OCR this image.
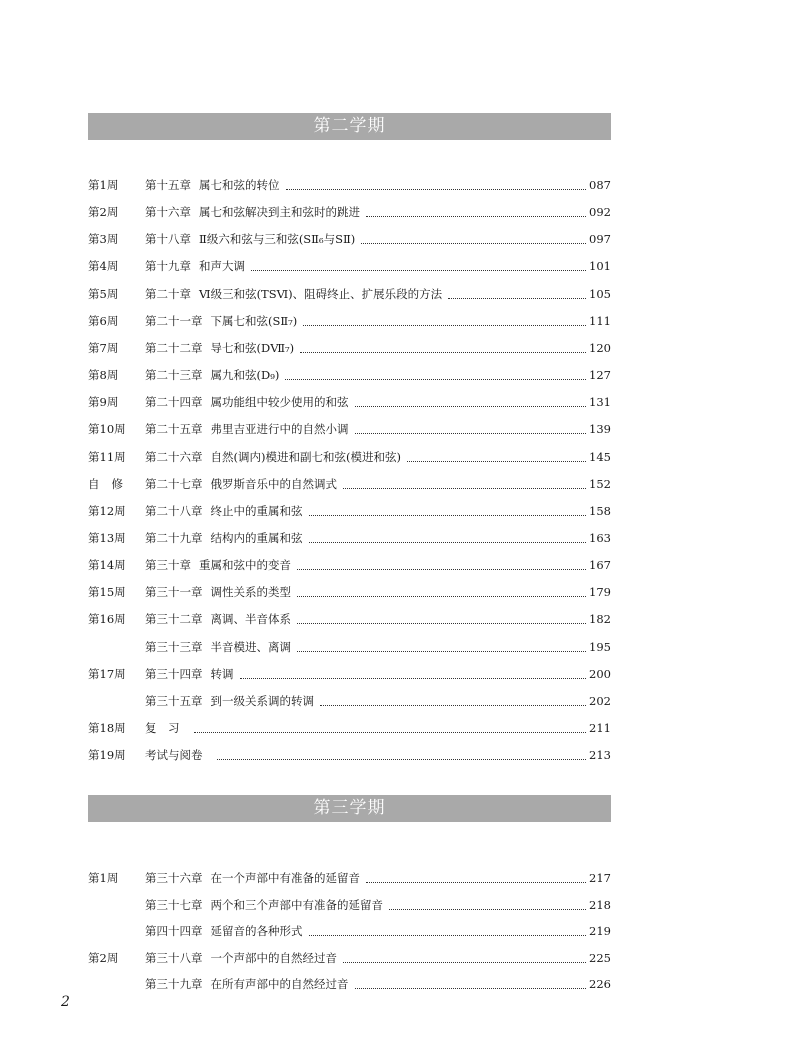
第二学期
第1周	第十五章 属七和弦的转位	087
第2周	第十六章 属七和弦解决到主和弦时的跳进	092
第3周	第十八章 Ⅱ级六和弦与三和弦(SⅡ₆与SⅡ)	097
第4周	第十九章 和声大调	101
第5周	第二十章 Ⅵ级三和弦(TSⅥ)、阻碍终止、扩展乐段的方法	105
第6周	第二十一章 下属七和弦(SⅡ₇)	111
第7周	第二十二章 导七和弦(DⅦ₇)	120
第8周	第二十三章 属九和弦(D₉)	127
第9周	第二十四章 属功能组中较少使用的和弦	131
第10周	第二十五章 弗里吉亚进行中的自然小调	139
第11周	第二十六章 自然(调内)模进和副七和弦(模进和弦)	145
自修 第二十七章 俄罗斯音乐中的自然调式	152
第12周	第二十八章 终止中的重属和弦	158
第13周	第二十九章 结构内的重属和弦	163
第14周	第三十章 重属和弦中的变音	167
第15周	第三十一章 调性关系的类型	179
第16周	第三十二章 离调、半音体系	182
第三十三章 半音模进、离调	195
第17周	第三十四章 转调	200
第三十五章 到一级关系调的转调	202
第18周	复　习	211
第19周	考试与阅卷	213
第三学期
第1周	第三十六章 在一个声部中有准备的延留音	217
第三十七章 两个和三个声部中有准备的延留音	218
第四十四章 延留音的各种形式	219
第2周	第三十八章 一个声部中的自然经过音	225
第三十九章 在所有声部中的自然经过音	226
2
